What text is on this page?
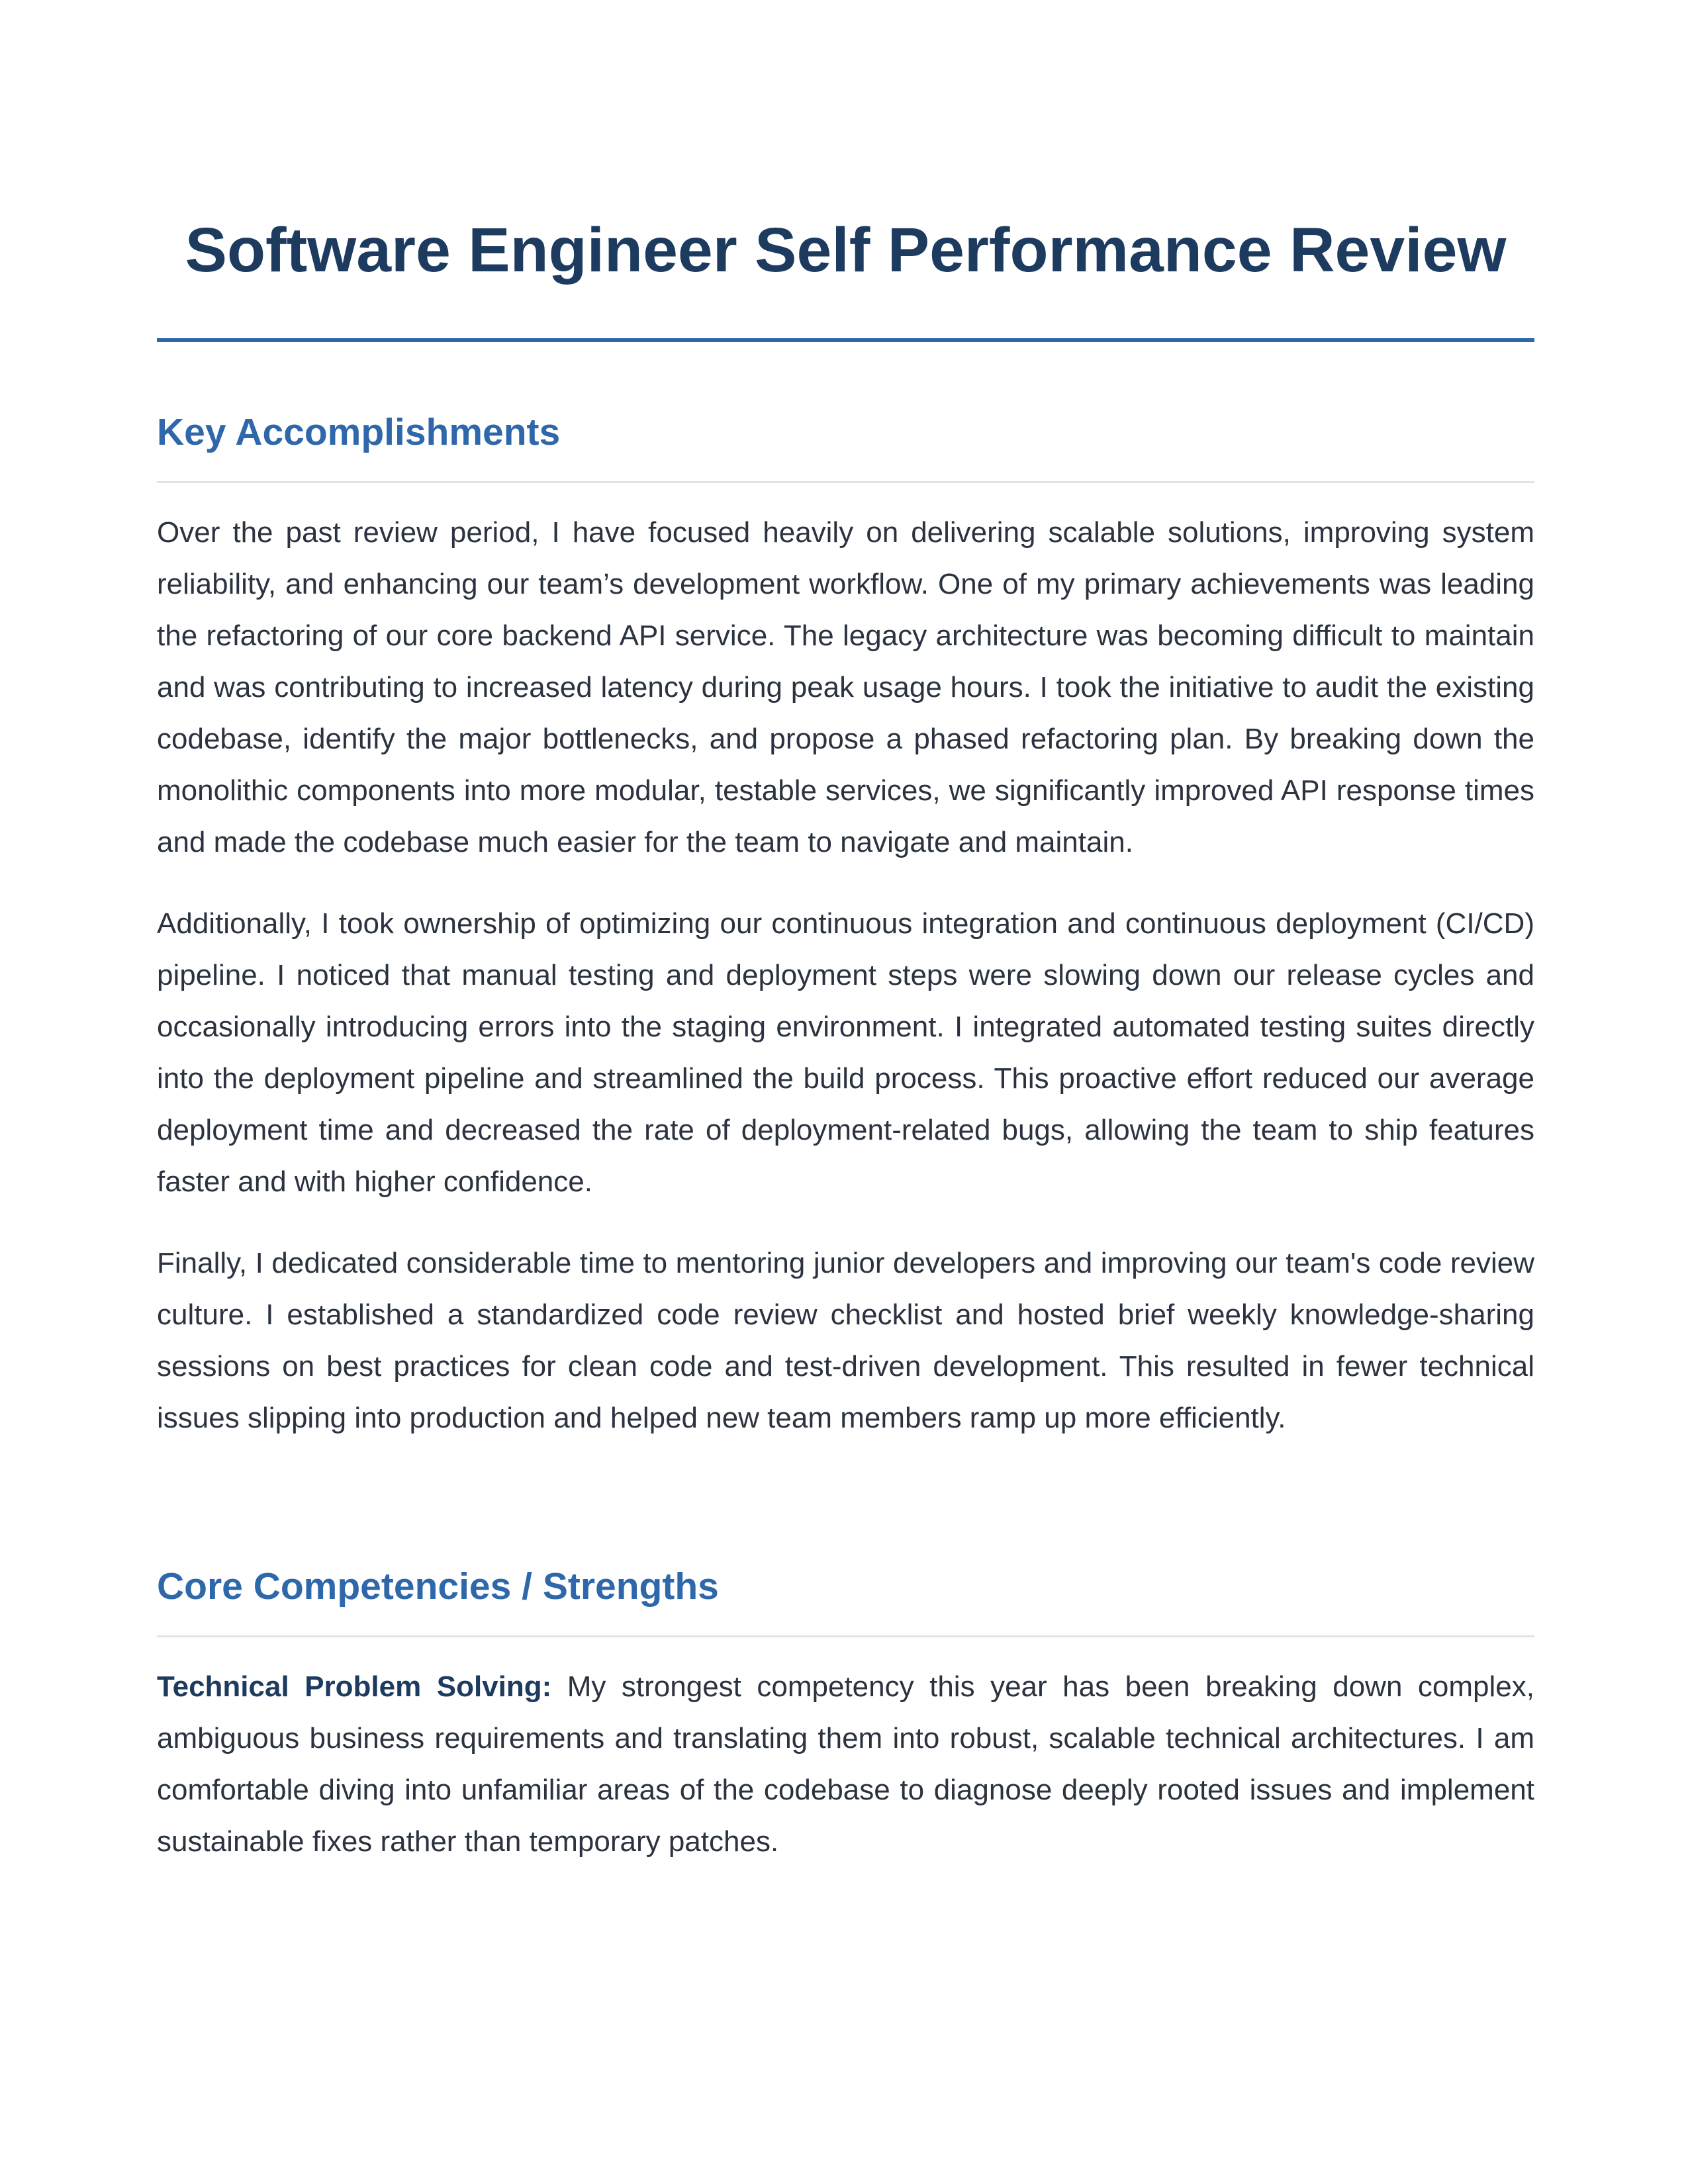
Software Engineer Self Performance Review
Key Accomplishments

Over the past review period, I have focused heavily on delivering scalable solutions, improving system reliability, and enhancing our team’s development workflow. One of my primary achievements was leading the refactoring of our core backend API service. The legacy architecture was becoming difficult to maintain and was contributing to increased latency during peak usage hours. I took the initiative to audit the existing codebase, identify the major bottlenecks, and propose a phased refactoring plan. By breaking down the monolithic components into more modular, testable services, we significantly improved API response times and made the codebase much easier for the team to navigate and maintain.

Additionally, I took ownership of optimizing our continuous integration and continuous deployment (CI/CD) pipeline. I noticed that manual testing and deployment steps were slowing down our release cycles and occasionally introducing errors into the staging environment. I integrated automated testing suites directly into the deployment pipeline and streamlined the build process. This proactive effort reduced our average deployment time and decreased the rate of deployment-related bugs, allowing the team to ship features faster and with higher confidence.

Finally, I dedicated considerable time to mentoring junior developers and improving our team's code review culture. I established a standardized code review checklist and hosted brief weekly knowledge-sharing sessions on best practices for clean code and test-driven development. This resulted in fewer technical issues slipping into production and helped new team members ramp up more efficiently.

Core Competencies / Strengths

Technical Problem Solving: My strongest competency this year has been breaking down complex, ambiguous business requirements and translating them into robust, scalable technical architectures. I am comfortable diving into unfamiliar areas of the codebase to diagnose deeply rooted issues and implement sustainable fixes rather than temporary patches.
